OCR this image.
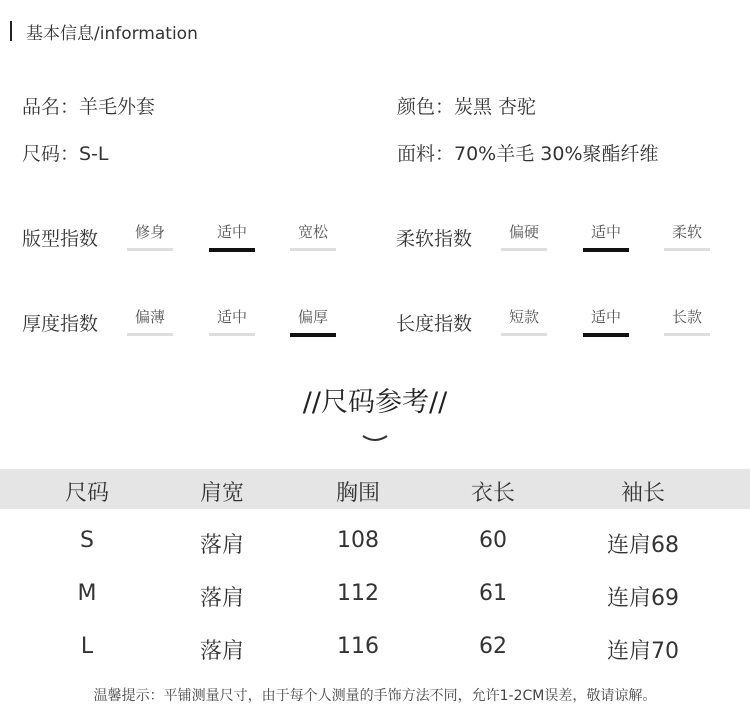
基本信息/information
品名：羊毛外套	颜色：炭黑 杏驼
尺码：S-L	面料：70%羊毛 30%聚酯纤维
版型指数	修身	适中	宽松	柔软指数	偏硬	适中	柔软
厚度指数	偏薄	适中	偏厚	长度指数	短款	适中	长款
//尺码参考//
尺码	肩宽	胸围	衣长	袖长
S	落肩	108	60	连肩68
M	落肩	112	61	连肩69
L	落肩	116	62	连肩70
温馨提示：平铺测量尺寸，由于每个人测量的手饰方法不同，允许1-2CM误差，敬请谅解。
